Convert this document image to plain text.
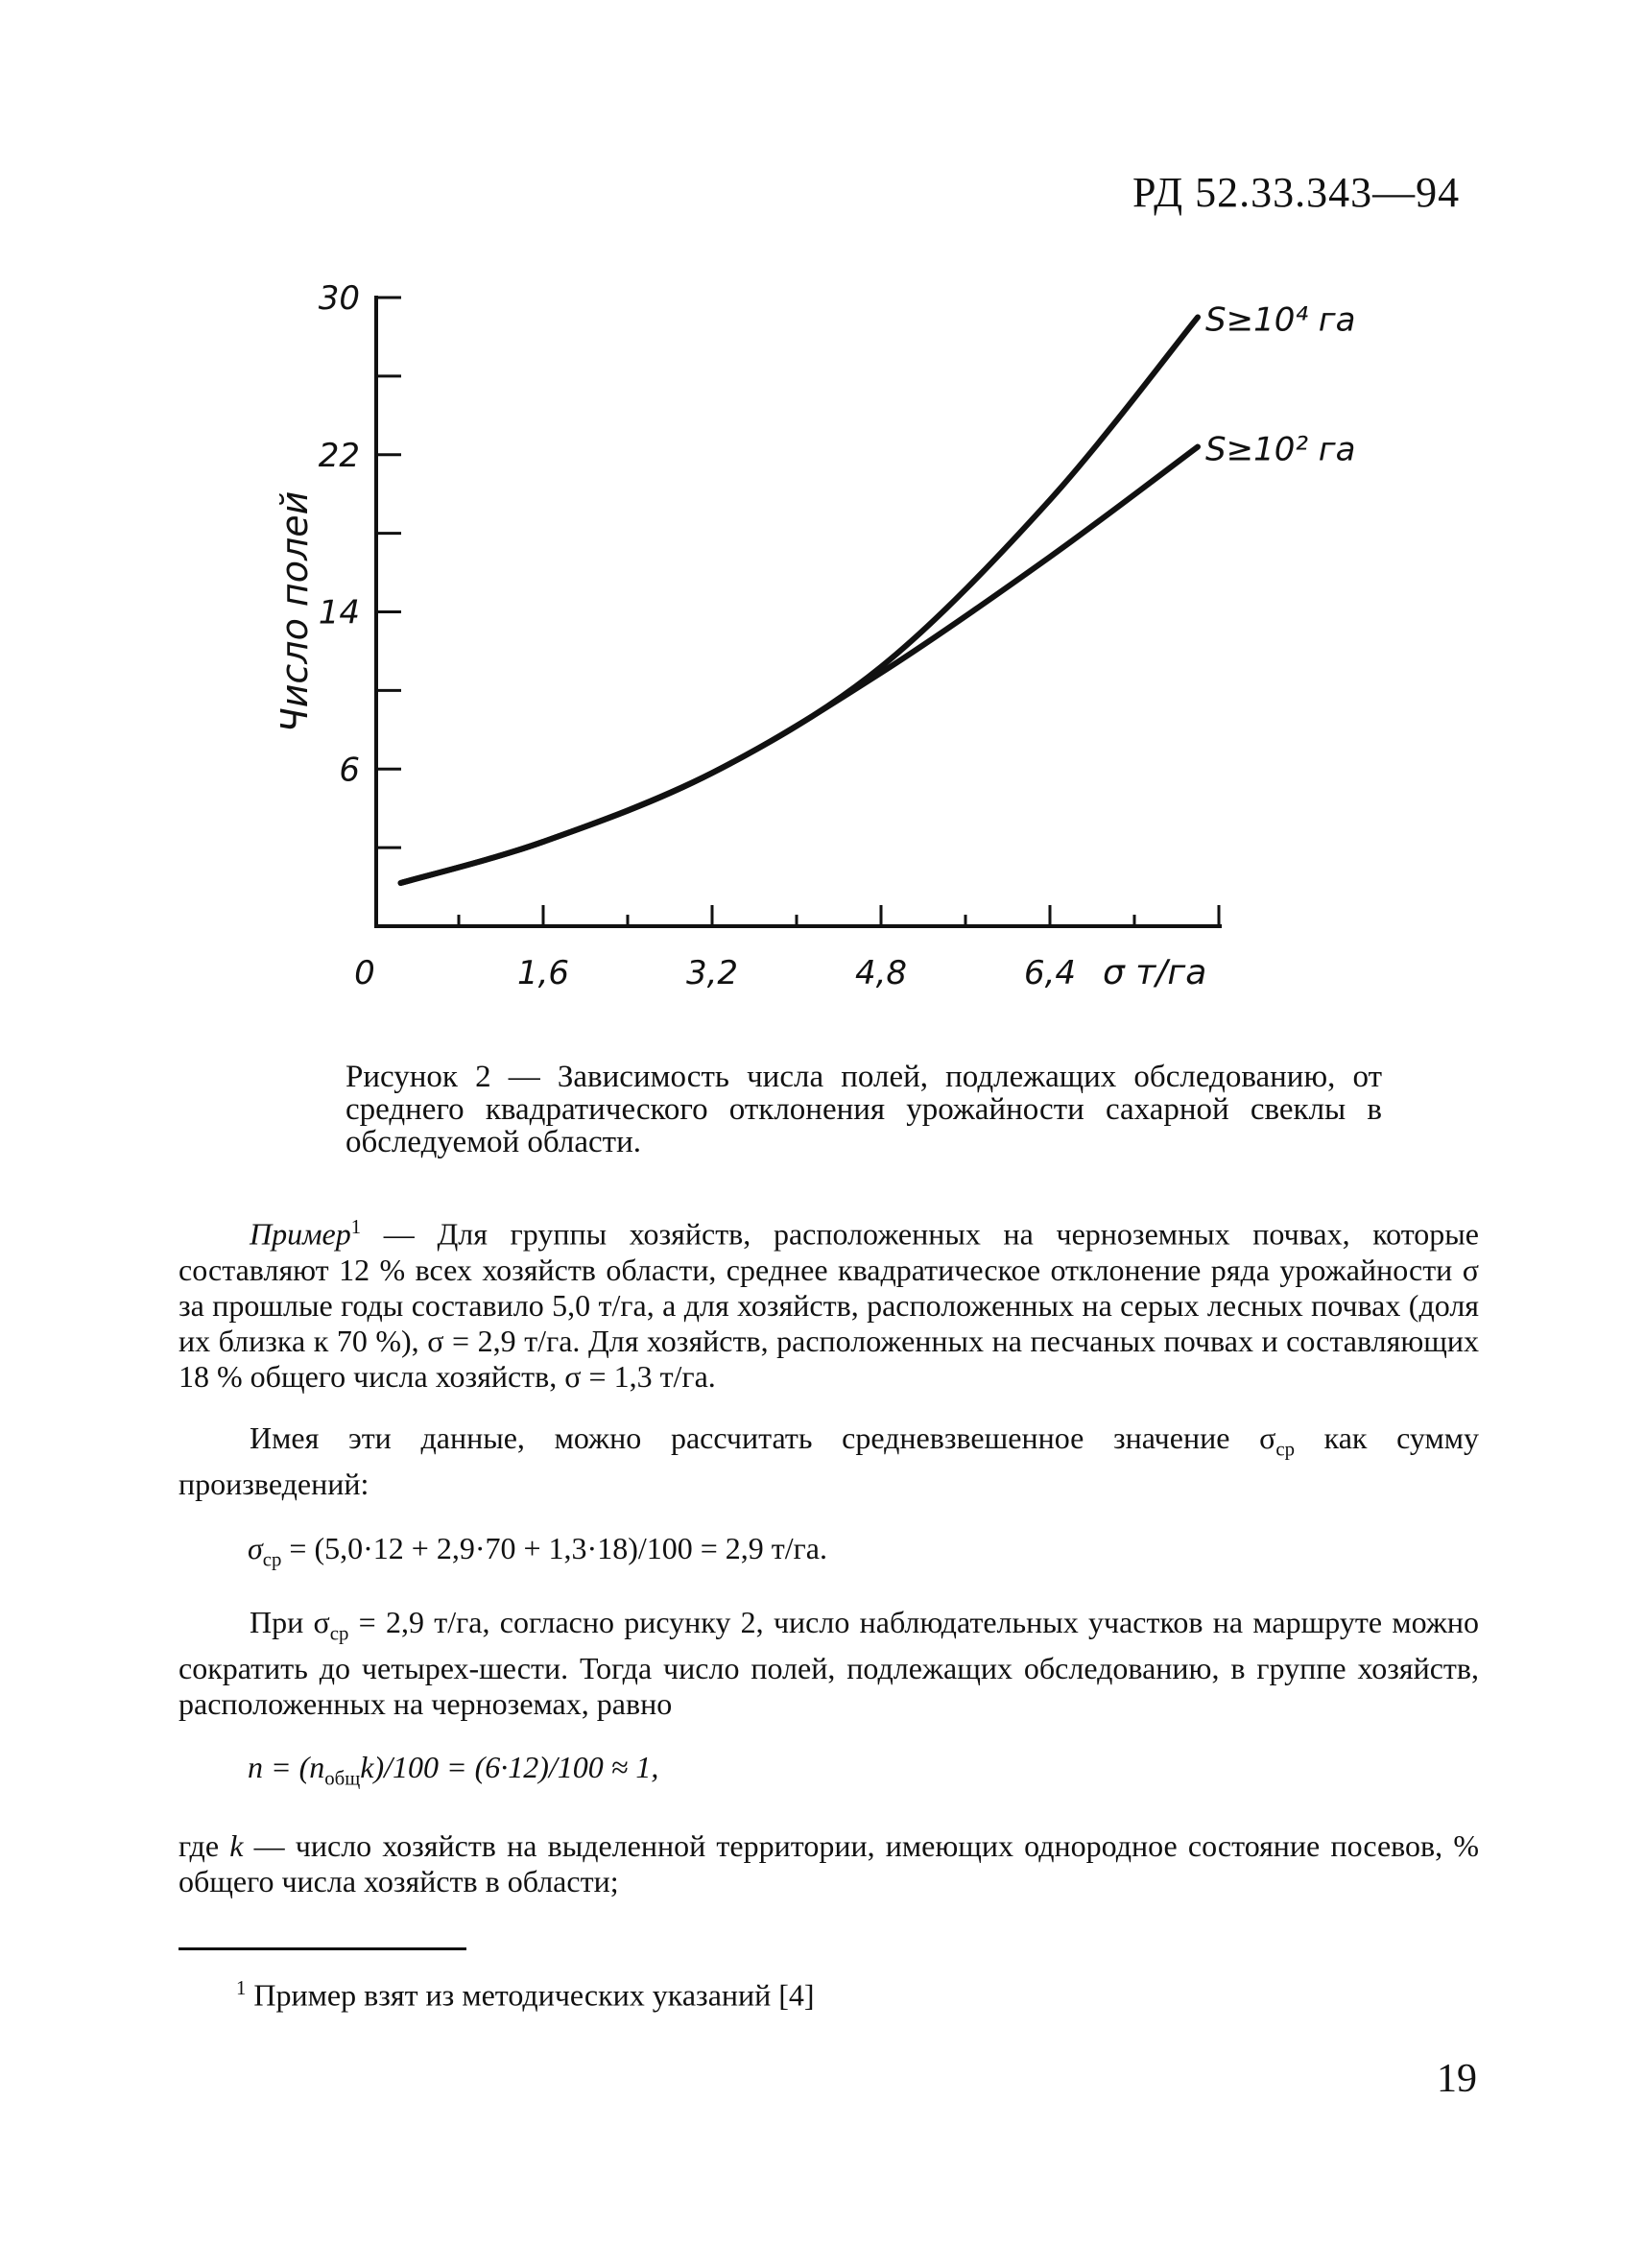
РД 52.33.343—94
30
22
14
6
0	1,6	3,2	4,8	6,4 σ т/га
Число полей
S≥10⁴ га
S≥10² га
Рисунок 2 — Зависимость числа полей, подлежащих обследованию, от среднего квадратического отклонения урожайности сахарной свеклы в обследуемой области.
Пример$^1$ — Для группы хозяйств, расположенных на черноземных почвах, которые составляют 12 % всех хозяйств области, среднее квадратическое отклонение ряда урожайности σ за прошлые годы составило 5,0 т/га, а для хозяйств, расположенных на серых лесных почвах (доля их близка к 70 %), σ = 2,9 т/га. Для хозяйств, расположенных на песчаных почвах и составляющих 18 % общего числа хозяйств, σ = 1,3 т/га.
Имея эти данные, можно рассчитать средневзвешенное значение $\sigma_{ср}$ как сумму произведений:
$\sigma_{ср} = (5,0\cdot 12 + 2,9\cdot 70 + 1,3\cdot 18)/100 = 2,9$ т/га.
При $\sigma_{ср} = 2,9$ т/га, согласно рисунку 2, число наблюдательных участков на маршруте можно сократить до четырех-шести. Тогда число полей, подлежащих обследованию, в группе хозяйств, расположенных на черноземах, равно
$n = (n_{общ}k)/100 = (6\cdot 12)/100 \approx 1$,
где k — число хозяйств на выделенной территории, имеющих однородное состояние посевов, % общего числа хозяйств в области;
$^1$ Пример взят из методических указаний [4]
19
